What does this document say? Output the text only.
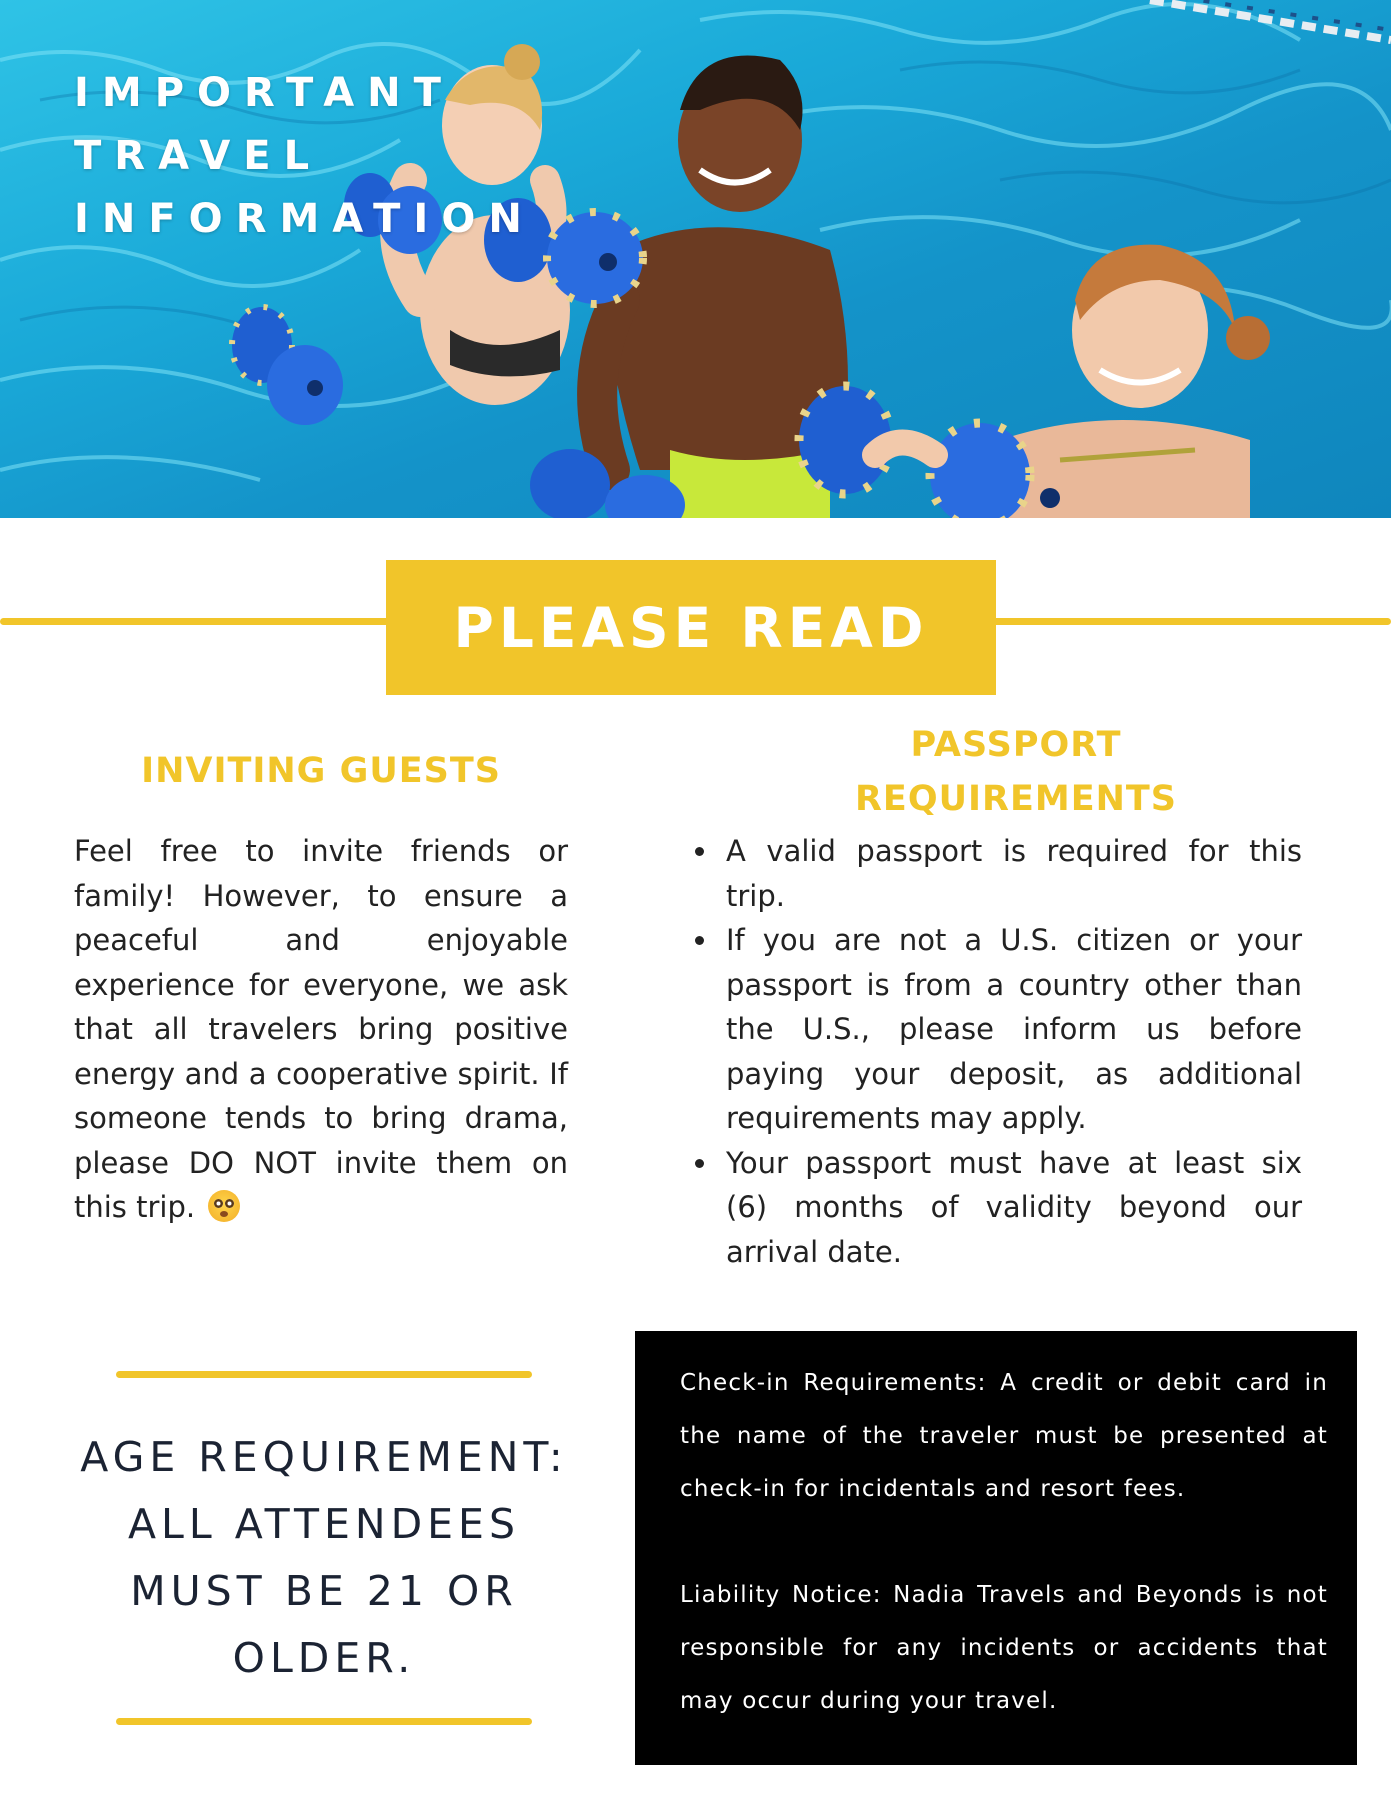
IMPORTANT
TRAVEL
INFORMATION
PLEASE READ
INVITING GUESTS
Feel free to invite friends or family! However, to ensure a peaceful and enjoyable experience for everyone, we ask that all travelers bring positive energy and a cooperative spirit. If someone tends to bring drama, please DO NOT invite them on this trip.
PASSPORT
REQUIREMENTS
A valid passport is required for this trip.
If you are not a U.S. citizen or your passport is from a country other than the U.S., please inform us before paying your deposit, as additional requirements may apply.
Your passport must have at least six (6) months of validity beyond our arrival date.
AGE REQUIREMENT:
ALL ATTENDEES
MUST BE 21 OR
OLDER.

Check-in Requirements: A credit or debit card in the name of the traveler must be presented at check-in for incidentals and resort fees.

Liability Notice: Nadia Travels and Beyonds is not responsible for any incidents or accidents that may occur during your travel.
